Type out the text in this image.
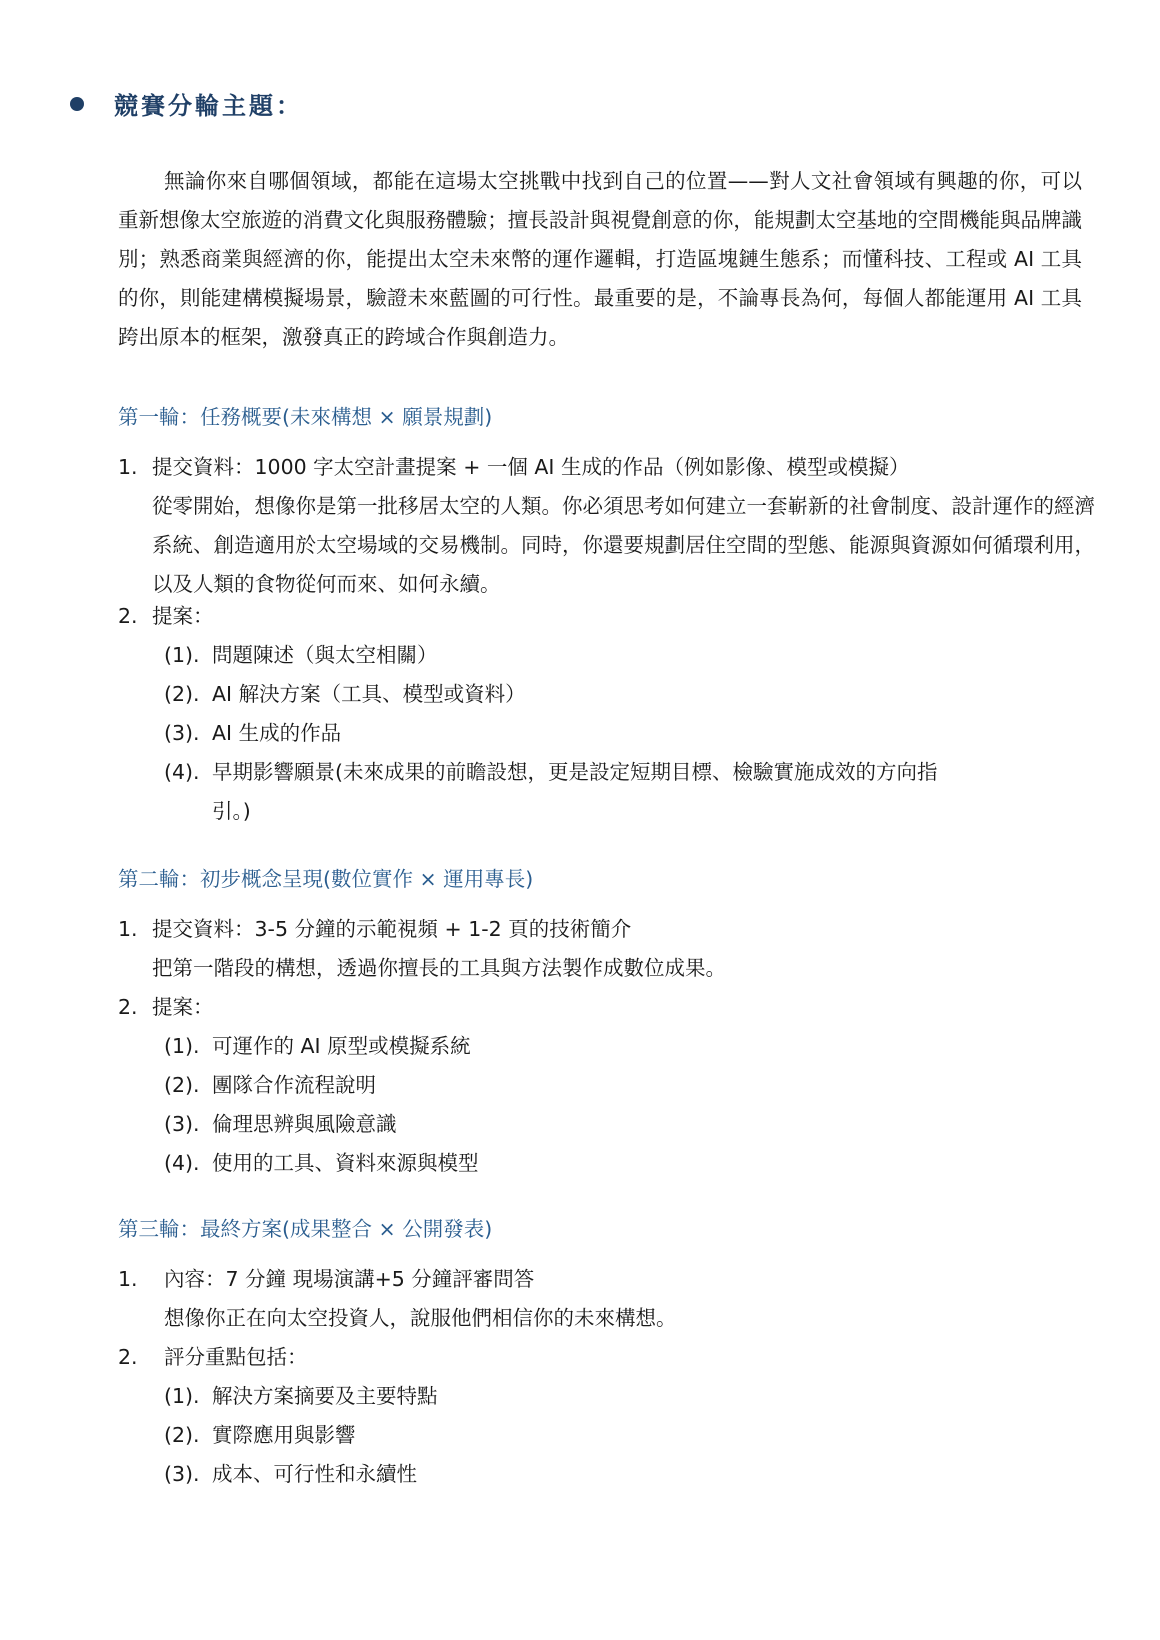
競賽分輪主題：
無論你來自哪個領域，都能在這場太空挑戰中找到自己的位置——對人文社會領域有興趣的你，可以重新想像太空旅遊的消費文化與服務體驗；擅長設計與視覺創意的你，能規劃太空基地的空間機能與品牌識別；熟悉商業與經濟的你，能提出太空未來幣的運作邏輯，打造區塊鏈生態系；而懂科技、工程或 AI 工具的你，則能建構模擬場景，驗證未來藍圖的可行性。最重要的是，不論專長為何，每個人都能運用 AI 工具 跨出原本的框架，激發真正的跨域合作與創造力。
第一輪：任務概要(未來構想 × 願景規劃)
1. 提交資料：1000 字太空計畫提案 + 一個 AI 生成的作品（例如影像、模型或模擬）
從零開始，想像你是第一批移居太空的人類。你必須思考如何建立一套嶄新的社會制度、設計運作的經濟系統、創造適用於太空場域的交易機制。同時，你還要規劃居住空間的型態、能源與資源如何循環利用，以及人類的食物從何而來、如何永續。
2. 提案：
(1). 問題陳述（與太空相關）
(2). AI 解決方案（工具、模型或資料）
(3). AI 生成的作品
(4). 早期影響願景(未來成果的前瞻設想，更是設定短期目標、檢驗實施成效的方向指
引。)
第二輪：初步概念呈現(數位實作 × 運用專長)
1. 提交資料：3-5 分鐘的示範視頻 + 1-2 頁的技術簡介
把第一階段的構想，透過你擅長的工具與方法製作成數位成果。
2. 提案：
(1). 可運作的 AI 原型或模擬系統
(2). 團隊合作流程說明
(3). 倫理思辨與風險意識
(4). 使用的工具、資料來源與模型
第三輪：最終方案(成果整合 × 公開發表)
1. 內容：7 分鐘 現場演講+5 分鐘評審問答
想像你正在向太空投資人，說服他們相信你的未來構想。
2. 評分重點包括：
(1). 解決方案摘要及主要特點
(2). 實際應用與影響
(3). 成本、可行性和永續性
